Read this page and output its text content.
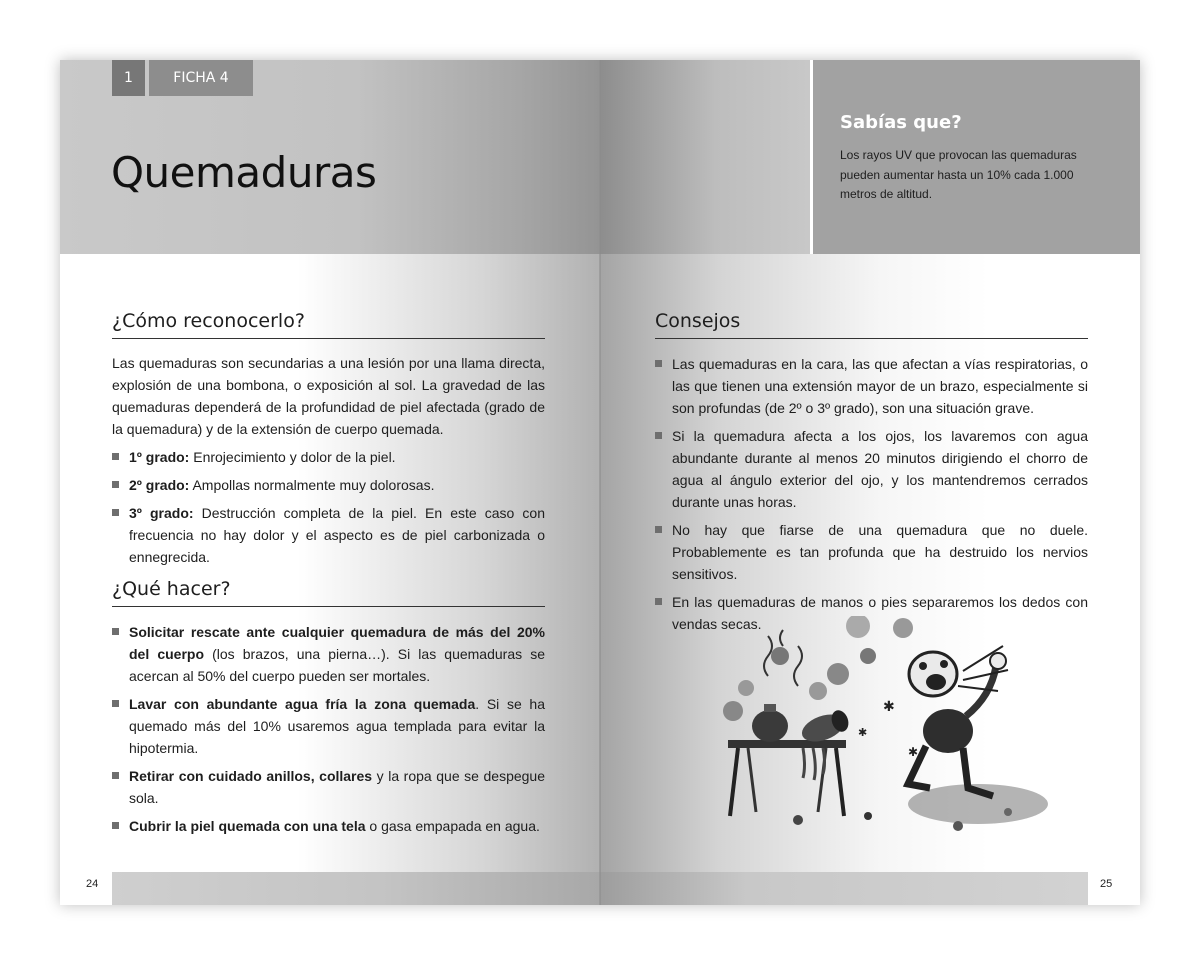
1	FICHA 4
Quemaduras
¿Cómo reconocerlo?

Las quemaduras son secundarias a una lesión por una llama directa, explosión de una bombona, o exposición al sol. La gravedad de las quemaduras dependerá de la profundidad de piel afectada (grado de la quemadura) y de la extensión de cuerpo quemada.

1º grado: Enrojecimiento y dolor de la piel.
2º grado: Ampollas normalmente muy dolorosas.
3º grado: Destrucción completa de la piel. En este caso con frecuencia no hay dolor y el aspecto es de piel carbonizada o ennegrecida.
¿Qué hacer?
Solicitar rescate ante cualquier quemadura de más del 20% del cuerpo (los brazos, una pierna…). Si las quemaduras se acercan al 50% del cuerpo pueden ser mortales.
Lavar con abundante agua fría la zona quemada. Si se ha quemado más del 10% usaremos agua templada para evitar la hipotermia.
Retirar con cuidado anillos, collares y la ropa que se despegue sola.
Cubrir la piel quemada con una tela o gasa empapada en agua.
24
Sabías que?
Los rayos UV que provocan las quemaduras pueden aumentar hasta un 10% cada 1.000 metros de altitud.
Consejos
Las quemaduras en la cara, las que afectan a vías respiratorias, o las que tienen una extensión mayor de un brazo, especialmente si son profundas (de 2º o 3º grado), son una situación grave.
Si la quemadura afecta a los ojos, los lavaremos con agua abundante durante al menos 20 minutos dirigiendo el chorro de agua al ángulo exterior del ojo, y los mantendremos cerrados durante unas horas.
No hay que fiarse de una quemadura que no duele. Probablemente es tan profunda que ha destruido los nervios sensitivos.
En las quemaduras de manos o pies separaremos los dedos con vendas secas.
✱
✱
✱
25
